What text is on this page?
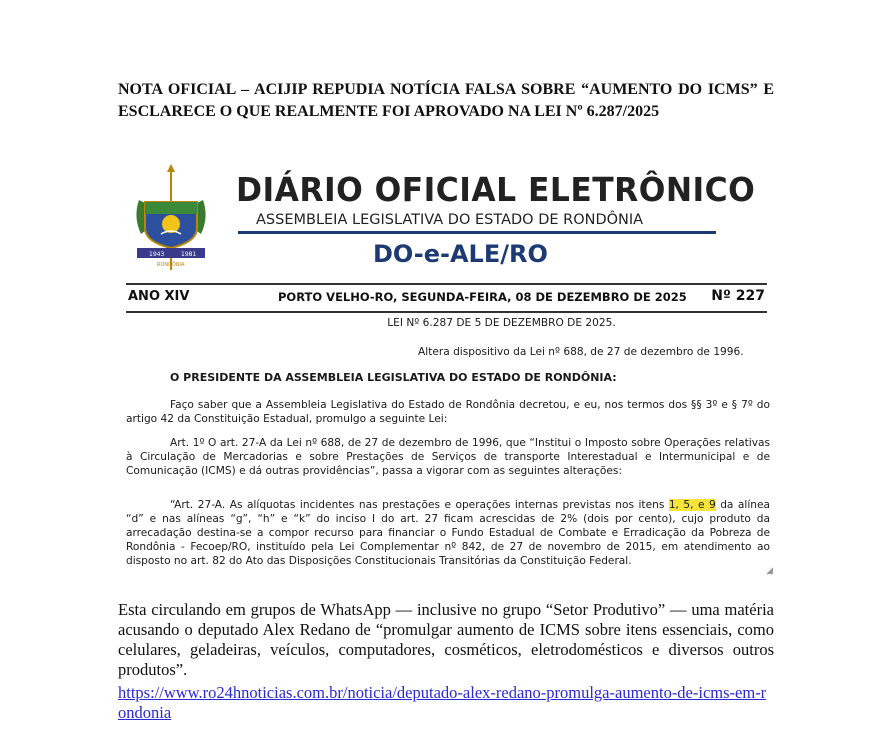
NOTA OFICIAL – ACIJIP REPUDIA NOTÍCIA FALSA SOBRE “AUMENTO DO ICMS” E ESCLARECE O QUE REALMENTE FOI APROVADO NA LEI Nº 6.287/2025

1943	1981
RONDÔNIA
DIÁRIO OFICIAL ELETRÔNICO
ASSEMBLEIA LEGISLATIVA DO ESTADO DE RONDÔNIA
DO-e-ALE/RO
ANO XIV	PORTO VELHO-RO, SEGUNDA-FEIRA, 08 DE DEZEMBRO DE 2025 Nº 227
LEI Nº 6.287 DE 5 DE DEZEMBRO DE 2025.
Altera dispositivo da Lei nº 688, de 27 de dezembro de 1996.
O PRESIDENTE DA ASSEMBLEIA LEGISLATIVA DO ESTADO DE RONDÔNIA:
Faço saber que a Assembleia Legislativa do Estado de Rondônia decretou, e eu, nos termos dos §§ 3º e § 7º do artigo 42 da Constituição Estadual, promulgo a seguinte Lei:
Art. 1º O art. 27-A da Lei nº 688, de 27 de dezembro de 1996, que “Institui o Imposto sobre Operações relativas à Circulação de Mercadorias e sobre Prestações de Serviços de transporte Interestadual e Intermunicipal e de Comunicação (ICMS) e dá outras providências”, passa a vigorar com as seguintes alterações:
“Art. 27-A. As alíquotas incidentes nas prestações e operações internas previstas nos itens 1, 5, e 9 da alínea “d” e nas alíneas “g”, “h” e “k” do inciso I do art. 27 ficam acrescidas de 2% (dois por cento), cujo produto da arrecadação destina-se a compor recurso para financiar o Fundo Estadual de Combate e Erradicação da Pobreza de Rondônia - Fecoep/RO, instituído pela Lei Complementar nº 842, de 27 de novembro de 2015, em atendimento ao disposto no art. 82 do Ato das Disposições Constitucionais Transitórias da Constituição Federal.
◢

Esta circulando em grupos de WhatsApp — inclusive no grupo “Setor Produtivo” — uma matéria acusando o deputado Alex Redano de “promulgar aumento de ICMS sobre itens essenciais, como celulares, geladeiras, veículos, computadores, cosméticos, eletrodomésticos e diversos outros produtos”.

https://www.ro24hnoticias.com.br/noticia/deputado-alex-redano-promulga-aumento-de-icms-em-rondonia
